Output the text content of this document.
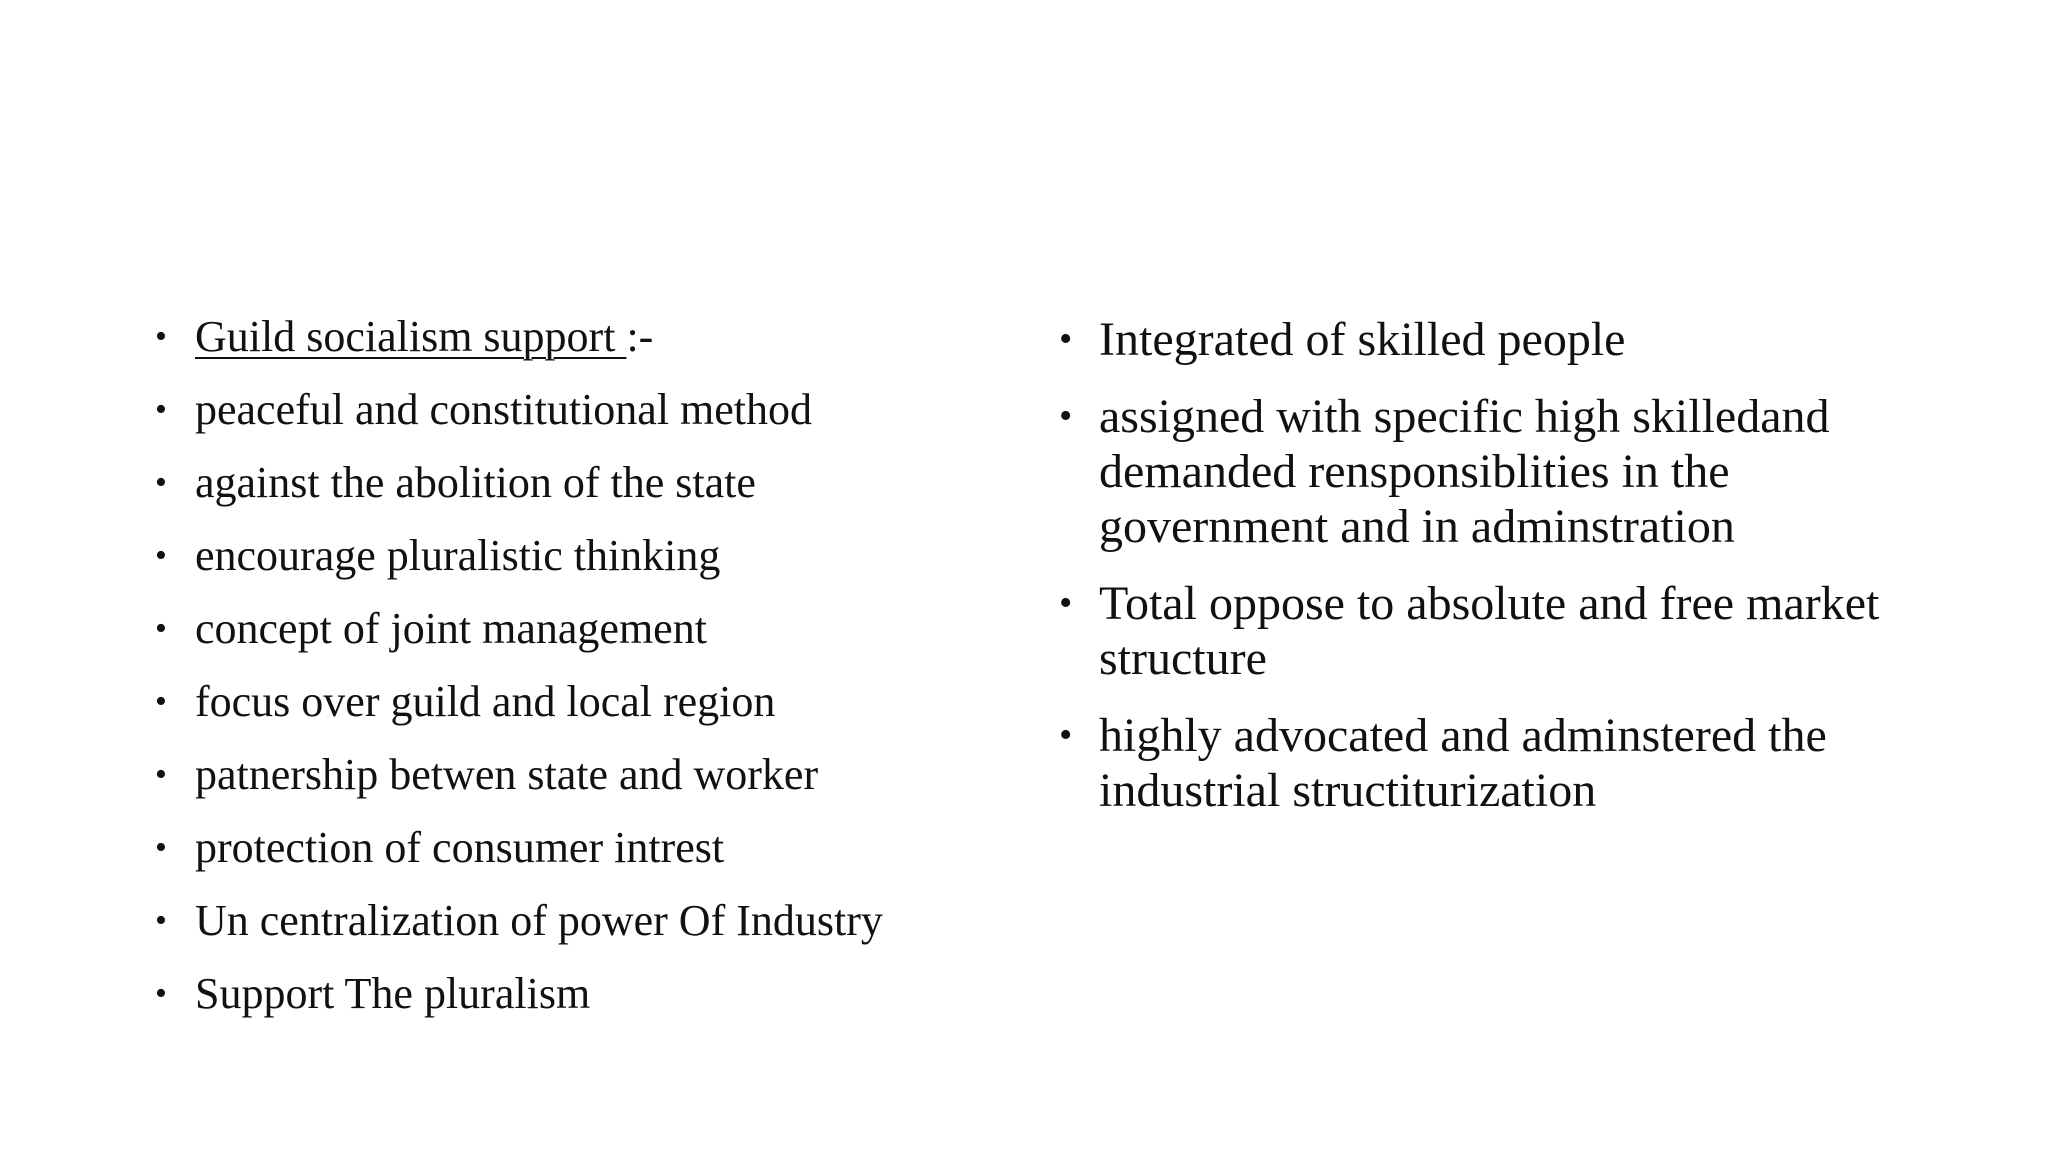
• Guild socialism support :-
• peaceful and constitutional method
• against the abolition of the state
• encourage pluralistic thinking
• concept of joint management
• focus over guild and local region
• patnership betwen state and worker
• protection of consumer intrest
• Un centralization of power Of Industry
• Support The pluralism
• Integrated of skilled people
• assigned with specific high skilledand demanded rensponsiblities in the government and in adminstration
• Total oppose to absolute and free market structure
• highly advocated and adminstered the industrial structiturization
